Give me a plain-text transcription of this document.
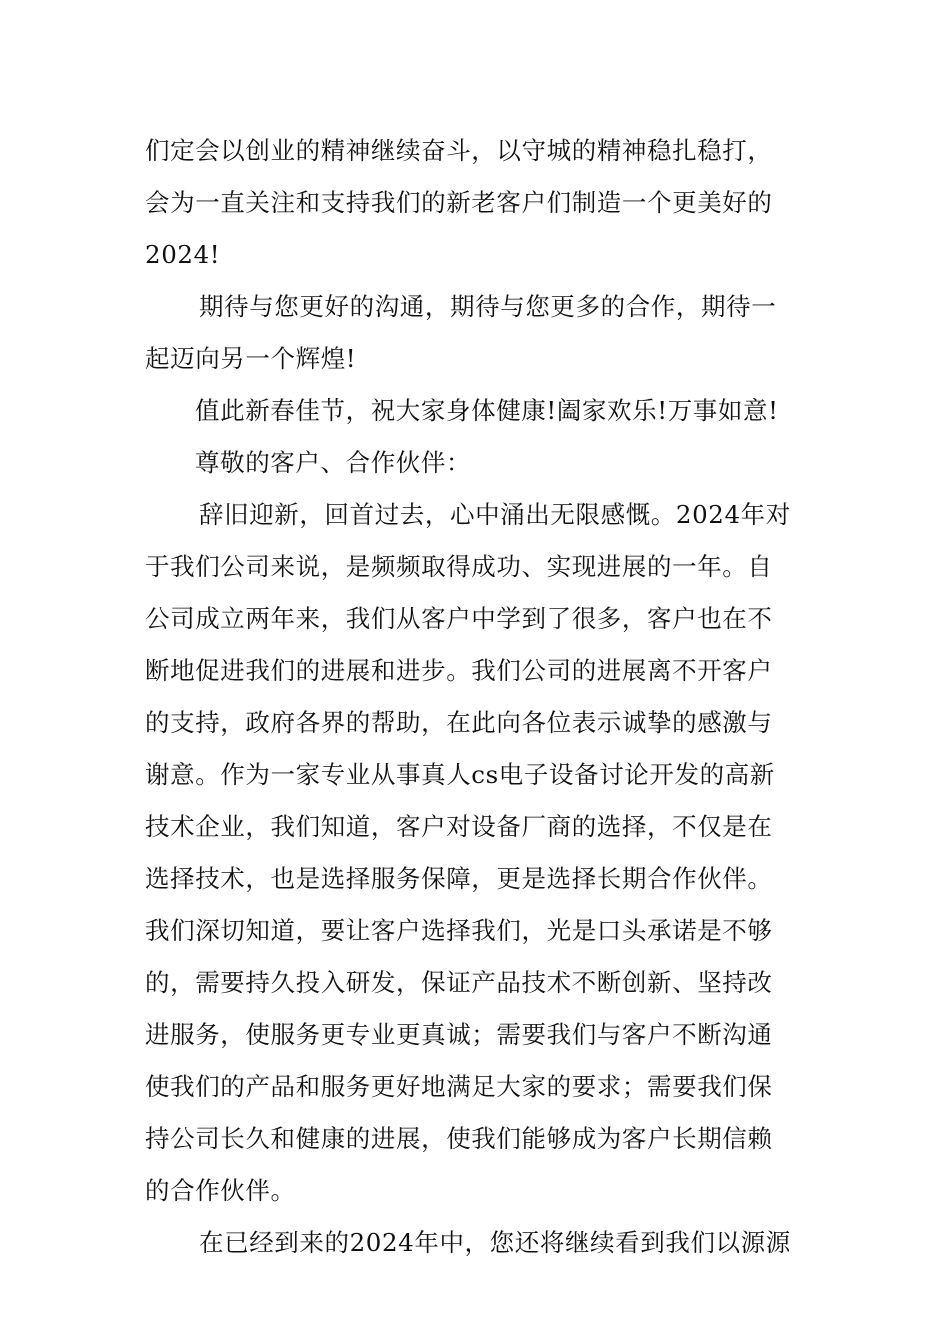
们定会以创业的精神继续奋斗，以守城的精神稳扎稳打，
会为一直关注和支持我们的新老客户们制造一个更美好的
2024!
期待与您更好的沟通，期待与您更多的合作，期待一
起迈向另一个辉煌!
值此新春佳节，祝大家身体健康!阖家欢乐!万事如意!
尊敬的客户、合作伙伴：
辞旧迎新，回首过去，心中涌出无限感慨。2024年对
于我们公司来说，是频频取得成功、实现进展的一年。自
公司成立两年来，我们从客户中学到了很多，客户也在不
断地促进我们的进展和进步。我们公司的进展离不开客户
的支持，政府各界的帮助，在此向各位表示诚挚的感激与
谢意。作为一家专业从事真人cs电子设备讨论开发的高新
技术企业，我们知道，客户对设备厂商的选择，不仅是在
选择技术，也是选择服务保障，更是选择长期合作伙伴。
我们深切知道，要让客户选择我们，光是口头承诺是不够
的，需要持久投入研发，保证产品技术不断创新、坚持改
进服务，使服务更专业更真诚；需要我们与客户不断沟通
使我们的产品和服务更好地满足大家的要求；需要我们保
持公司长久和健康的进展，使我们能够成为客户长期信赖
的合作伙伴。
在已经到来的2024年中，您还将继续看到我们以源源
